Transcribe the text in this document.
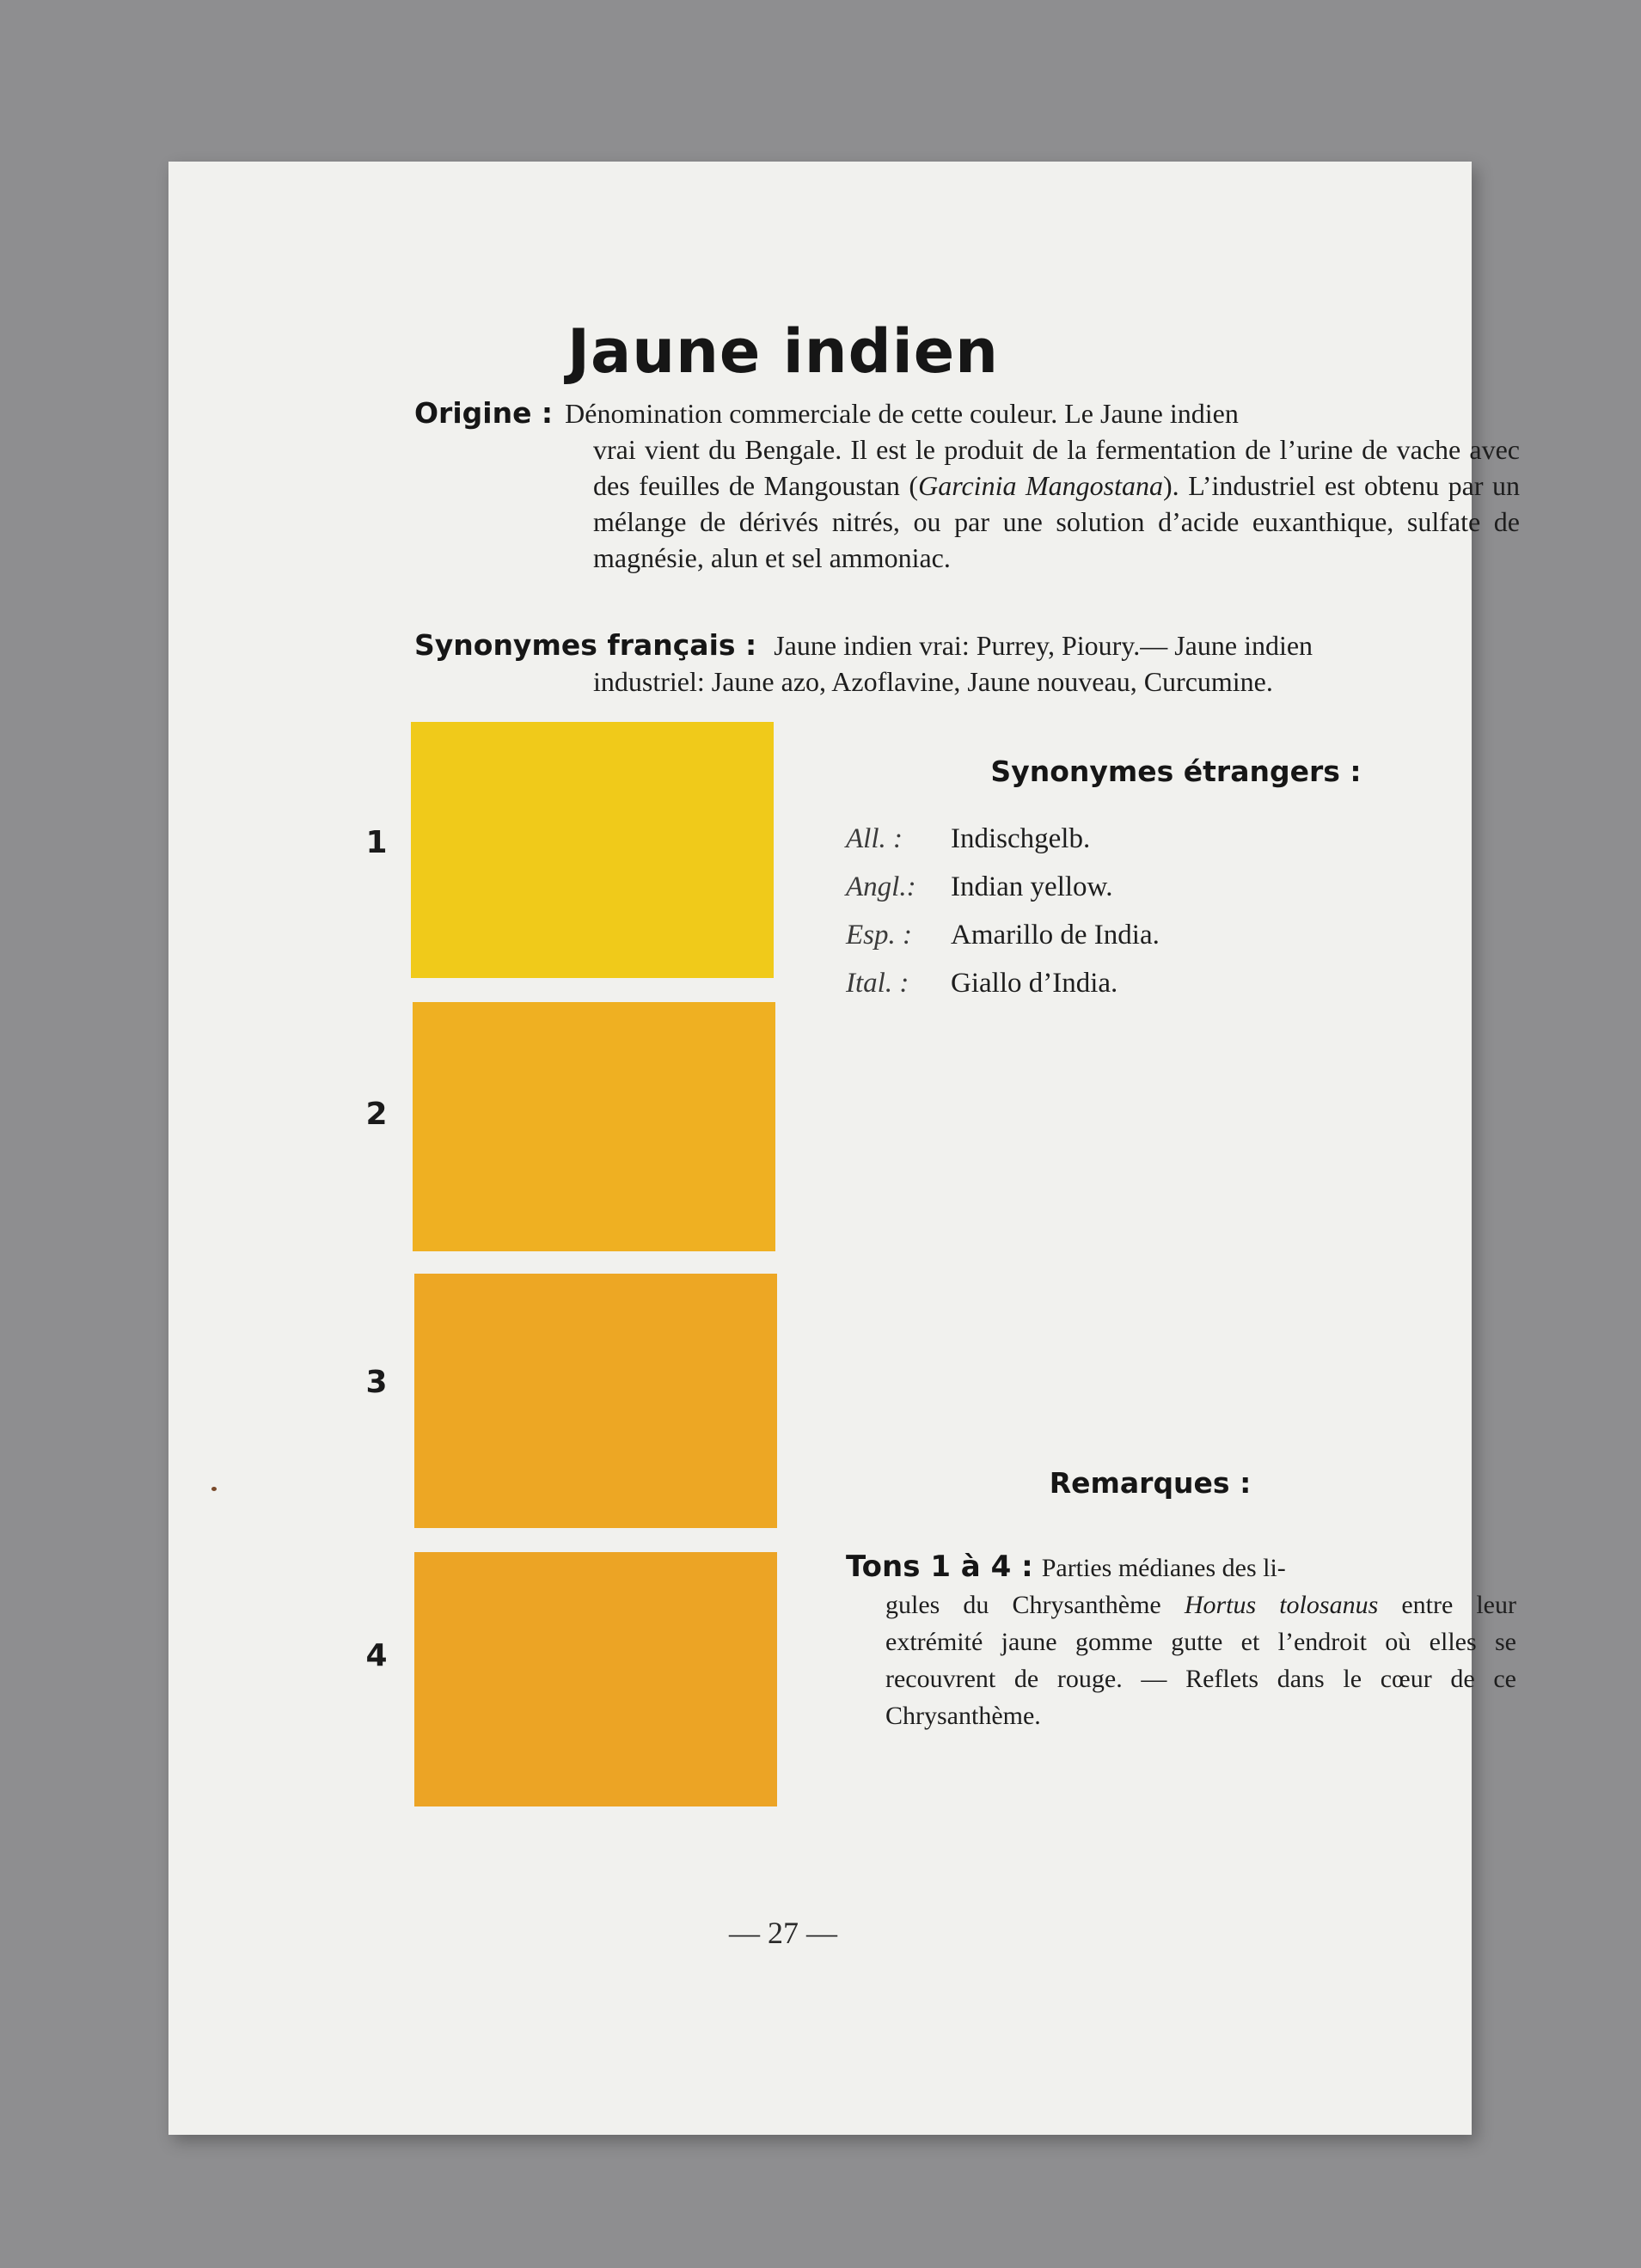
Jaune indien
Origine : Dénomination commerciale de cette couleur. Le Jaune indien
vrai vient du Bengale. Il est le produit de la fermentation de l’urine de vache avec des feuilles de Mangoustan (Garcinia Mangostana). L’industriel est obtenu par un mélange de dérivés nitrés, ou par une solution d’acide euxanthique, sulfate de magnésie, alun et sel ammoniac.
Synonymes français : Jaune indien vrai: Purrey, Pioury.— Jaune indien
industriel: Jaune azo, Azoflavine, Jaune nouveau, Curcumine.
1
2
3
4
Synonymes étrangers :
All. : Indischgelb.
Angl.: Indian yellow.
Esp. : Amarillo de India.
Ital. : Giallo d’India.
Remarques :
Tons 1 à 4 : Parties médianes des li-
gules du Chrysanthème Hortus tolosanus entre leur extrémité jaune gomme gutte et l’endroit où elles se recouvrent de rouge. — Reflets dans le cœur de ce Chrysanthème.
— 27 —
